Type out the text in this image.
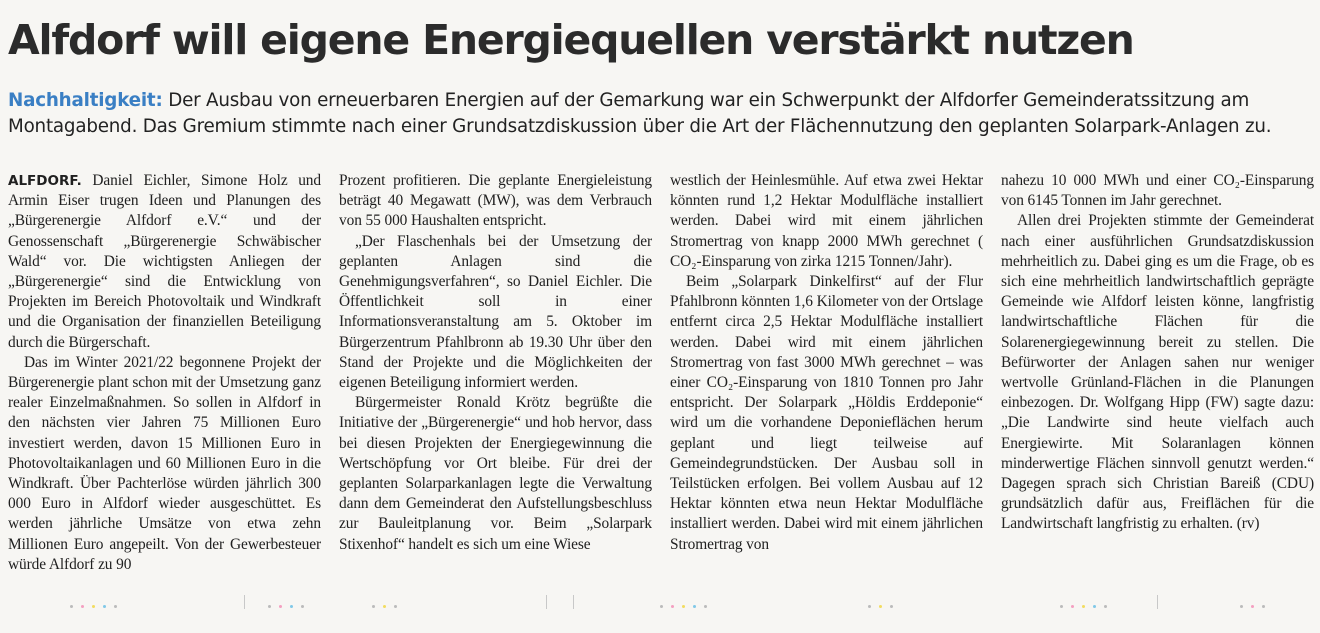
Alfdorf will eigene Energiequellen verstärkt nutzen
Nachhaltigkeit: Der Ausbau von erneuerbaren Energien auf der Gemarkung war ein Schwerpunkt der Alfdorfer Gemeinderatssitzung am Montagabend. Das Gremium stimmte nach einer Grundsatzdiskussion über die Art der Flächennutzung den geplanten Solarpark-Anlagen zu.

ALFDORF. Daniel Eichler, Simone Holz und Armin Eiser trugen Ideen und Planungen des „Bürgerenergie Alfdorf e.V.“ und der Genossenschaft „Bürgerenergie Schwäbischer Wald“ vor. Die wichtigsten Anliegen der „Bürgerenergie“ sind die Entwicklung von Projekten im Bereich Photovoltaik und Windkraft und die Organisation der finanziellen Beteiligung durch die Bürgerschaft.

Das im Winter 2021/22 begonnene Projekt der Bürgerenergie plant schon mit der Umsetzung ganz realer Einzelmaßnahmen. So sollen in Alfdorf in den nächsten vier Jahren 75 Millionen Euro investiert werden, davon 15 Millionen Euro in Photovoltaikanlagen und 60 Millionen Euro in die Windkraft. Über Pachterlöse würden jährlich 300 000 Euro in Alfdorf wieder ausgeschüttet. Es werden jährliche Umsätze von etwa zehn Millionen Euro angepeilt. Von der Gewerbesteuer würde Alfdorf zu 90

Prozent profitieren. Die geplante Energieleistung beträgt 40 Megawatt (MW), was dem Verbrauch von 55 000 Haushalten entspricht.

„Der Flaschenhals bei der Umsetzung der geplanten Anlagen sind die Genehmigungsverfahren“, so Daniel Eichler. Die Öffentlichkeit soll in einer Informationsveranstaltung am 5. Oktober im Bürgerzentrum Pfahlbronn ab 19.30 Uhr über den Stand der Projekte und die Möglichkeiten der eigenen Beteiligung informiert werden.

Bürgermeister Ronald Krötz begrüßte die Initiative der „Bürgerenergie“ und hob hervor, dass bei diesen Projekten der Energiegewinnung die Wertschöpfung vor Ort bleibe. Für drei der geplanten Solarparkanlagen legte die Verwaltung dann dem Gemeinderat den Aufstellungsbeschluss zur Bauleitplanung vor. Beim „Solarpark Stixenhof“ handelt es sich um eine Wiese

westlich der Heinlesmühle. Auf etwa zwei Hektar könnten rund 1,2 Hektar Modulfläche installiert werden. Dabei wird mit einem jährlichen Stromertrag von knapp 2000 MWh gerechnet ( CO₂-Einsparung von zirka 1215 Tonnen/Jahr).

Beim „Solarpark Dinkelfirst“ auf der Flur Pfahlbronn könnten 1,6 Kilometer von der Ortslage entfernt circa 2,5 Hektar Modulfläche installiert werden. Dabei wird mit einem jährlichen Stromertrag von fast 3000 MWh gerechnet – was einer CO₂-Einsparung von 1810 Tonnen pro Jahr entspricht. Der Solarpark „Höldis Erddeponie“ wird um die vorhandene Deponieflächen herum geplant und liegt teilweise auf Gemeindegrundstücken. Der Ausbau soll in Teilstücken erfolgen. Bei vollem Ausbau auf 12 Hektar könnten etwa neun Hektar Modulfläche installiert werden. Dabei wird mit einem jährlichen Stromertrag von

nahezu 10 000 MWh und einer CO₂-Einsparung von 6145 Tonnen im Jahr gerechnet.

Allen drei Projekten stimmte der Gemeinderat nach einer ausführlichen Grundsatzdiskussion mehrheitlich zu. Dabei ging es um die Frage, ob es sich eine mehrheitlich landwirtschaftlich geprägte Gemeinde wie Alfdorf leisten könne, langfristig landwirtschaftliche Flächen für die Solarenergiegewinnung bereit zu stellen. Die Befürworter der Anlagen sahen nur weniger wertvolle Grünland-Flächen in die Planungen einbezogen. Dr. Wolfgang Hipp (FW) sagte dazu: „Die Landwirte sind heute vielfach auch Energiewirte. Mit Solaranlagen können minderwertige Flächen sinnvoll genutzt werden.“ Dagegen sprach sich Christian Bareiß (CDU) grundsätzlich dafür aus, Freiflächen für die Landwirtschaft langfristig zu erhalten. (rv)
